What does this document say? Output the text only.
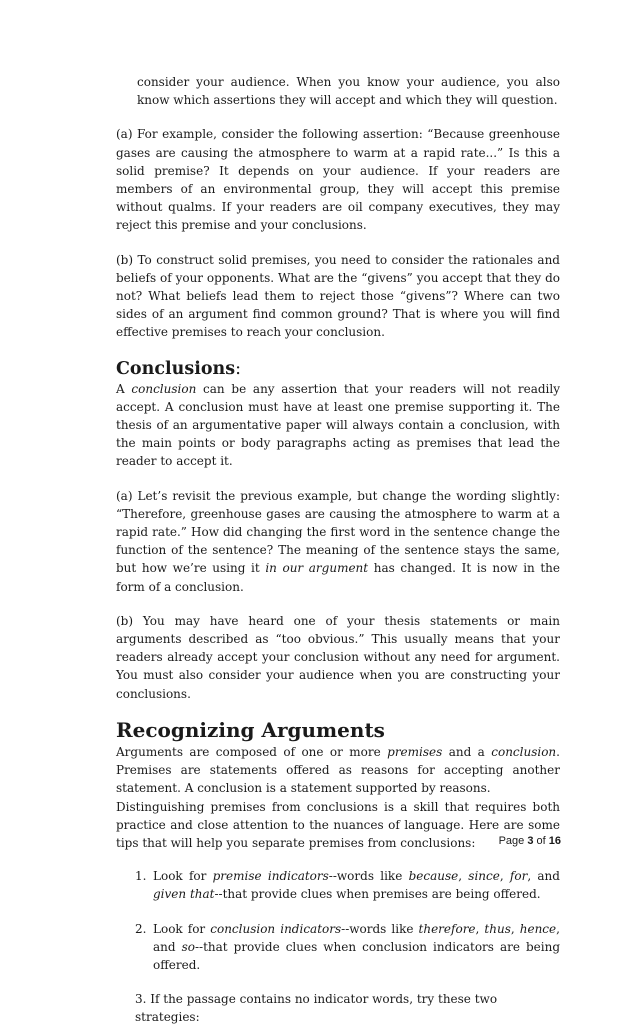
consider your audience. When you know your audience, you also know which assertions they will accept and which they will question.

(a) For example, consider the following assertion: “Because greenhouse gases are causing the atmosphere to warm at a rapid rate...” Is this a solid premise? It depends on your audience. If your readers are members of an environmental group, they will accept this premise without qualms. If your readers are oil company executives, they may reject this premise and your conclusions.

(b) To construct solid premises, you need to consider the rationales and beliefs of your opponents. What are the “givens” you accept that they do not? What beliefs lead them to reject those “givens”? Where can two sides of an argument find common ground? That is where you will find effective premises to reach your conclusion.

Conclusions:

A conclusion can be any assertion that your readers will not readily accept. A conclusion must have at least one premise supporting it. The thesis of an argumentative paper will always contain a conclusion, with the main points or body paragraphs acting as premises that lead the reader to accept it.

(a) Let’s revisit the previous example, but change the wording slightly: “Therefore, greenhouse gases are causing the atmosphere to warm at a rapid rate.” How did changing the first word in the sentence change the function of the sentence? The meaning of the sentence stays the same, but how we’re using it in our argument has changed. It is now in the form of a conclusion.

(b) You may have heard one of your thesis statements or main arguments described as “too obvious.” This usually means that your readers already accept your conclusion without any need for argument. You must also consider your audience when you are constructing your conclusions.

Recognizing Arguments

Arguments are composed of one or more premises and a conclusion. Premises are statements offered as reasons for accepting another statement. A conclusion is a statement supported by reasons.

Distinguishing premises from conclusions is a skill that requires both practice and close attention to the nuances of language. Here are some tips that will help you separate premises from conclusions:

1. Look for premise indicators--words like because, since, for, and given that--that provide clues when premises are being offered.
2. Look for conclusion indicators--words like therefore, thus, hence, and so--that provide clues when conclusion indicators are being offered.

3. If the passage contains no indicator words, try these two strategies:

Page 3 of 16
